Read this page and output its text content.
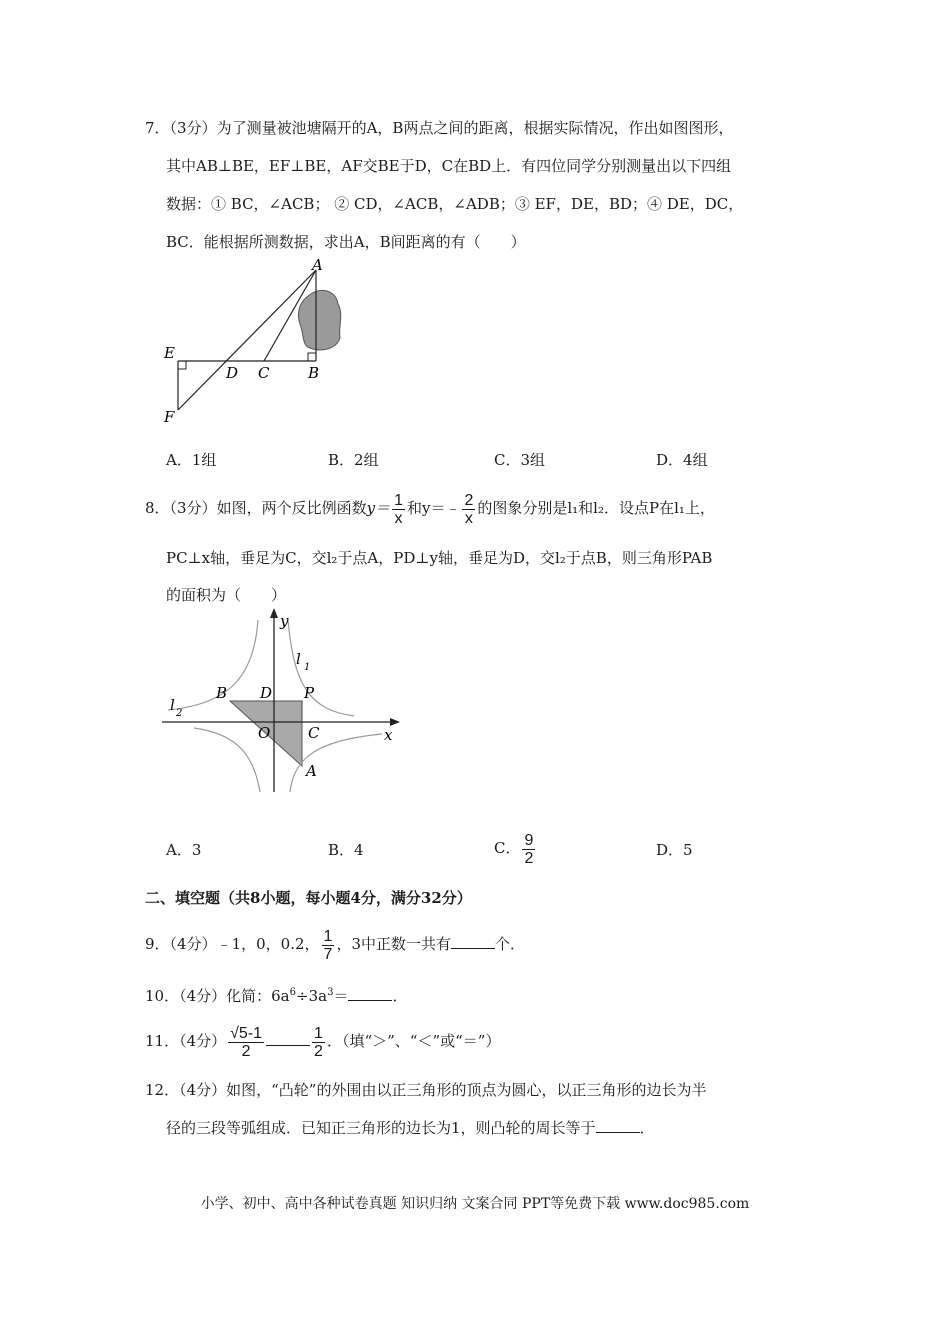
7．（3分）为了测量被池塘隔开的A，B两点之间的距离，根据实际情况，作出如图图形，
其中AB⊥BE，EF⊥BE，AF交BE于D，C在BD上．有四位同学分别测量出以下四组
数据：① BC，∠ACB； ② CD，∠ACB，∠ADB；③ EF，DE，BD；④ DE，DC，
BC．能根据所测数据，求出A，B间距离的有（　　）
A
E
D C	B
F
A．1组	B．2组	C．3组	D．4组
8．（3分）如图，两个反比例函数$y= \frac{1}{x}$ 和y＝﹣ $\frac{2}{x}$ 的图象分别是l₁和l₂．设点P在l₁上，
PC⊥x轴，垂足为C，交l₂于点A，PD⊥y轴，垂足为D，交l₂于点B，则三角形PAB
的面积为（　　）
y
l 1
l 2
B D P
O	C	x
A
A．3	B．4	C． $\frac{9}{2}$	D．5
二、填空题（共8小题，每小题4分，满分32分）
9．（4分）﹣1，0，0.2， $\frac{1}{7}$ ，3中正数一共有	个．
10．（4分）化简：$6a^6\div 3a^3=$	．
11．（4分） $\frac{√5-1}{2}$	$\frac{1}{2}$ ．（填“＞”、“＜”或“＝”）
12．（4分）如图，“凸轮”的外围由以正三角形的顶点为圆心，以正三角形的边长为半
径的三段等弧组成．已知正三角形的边长为1，则凸轮的周长等于	．
小学、初中、高中各种试卷真题 知识归纳 文案合同 PPT等免费下载 www.doc985.com
